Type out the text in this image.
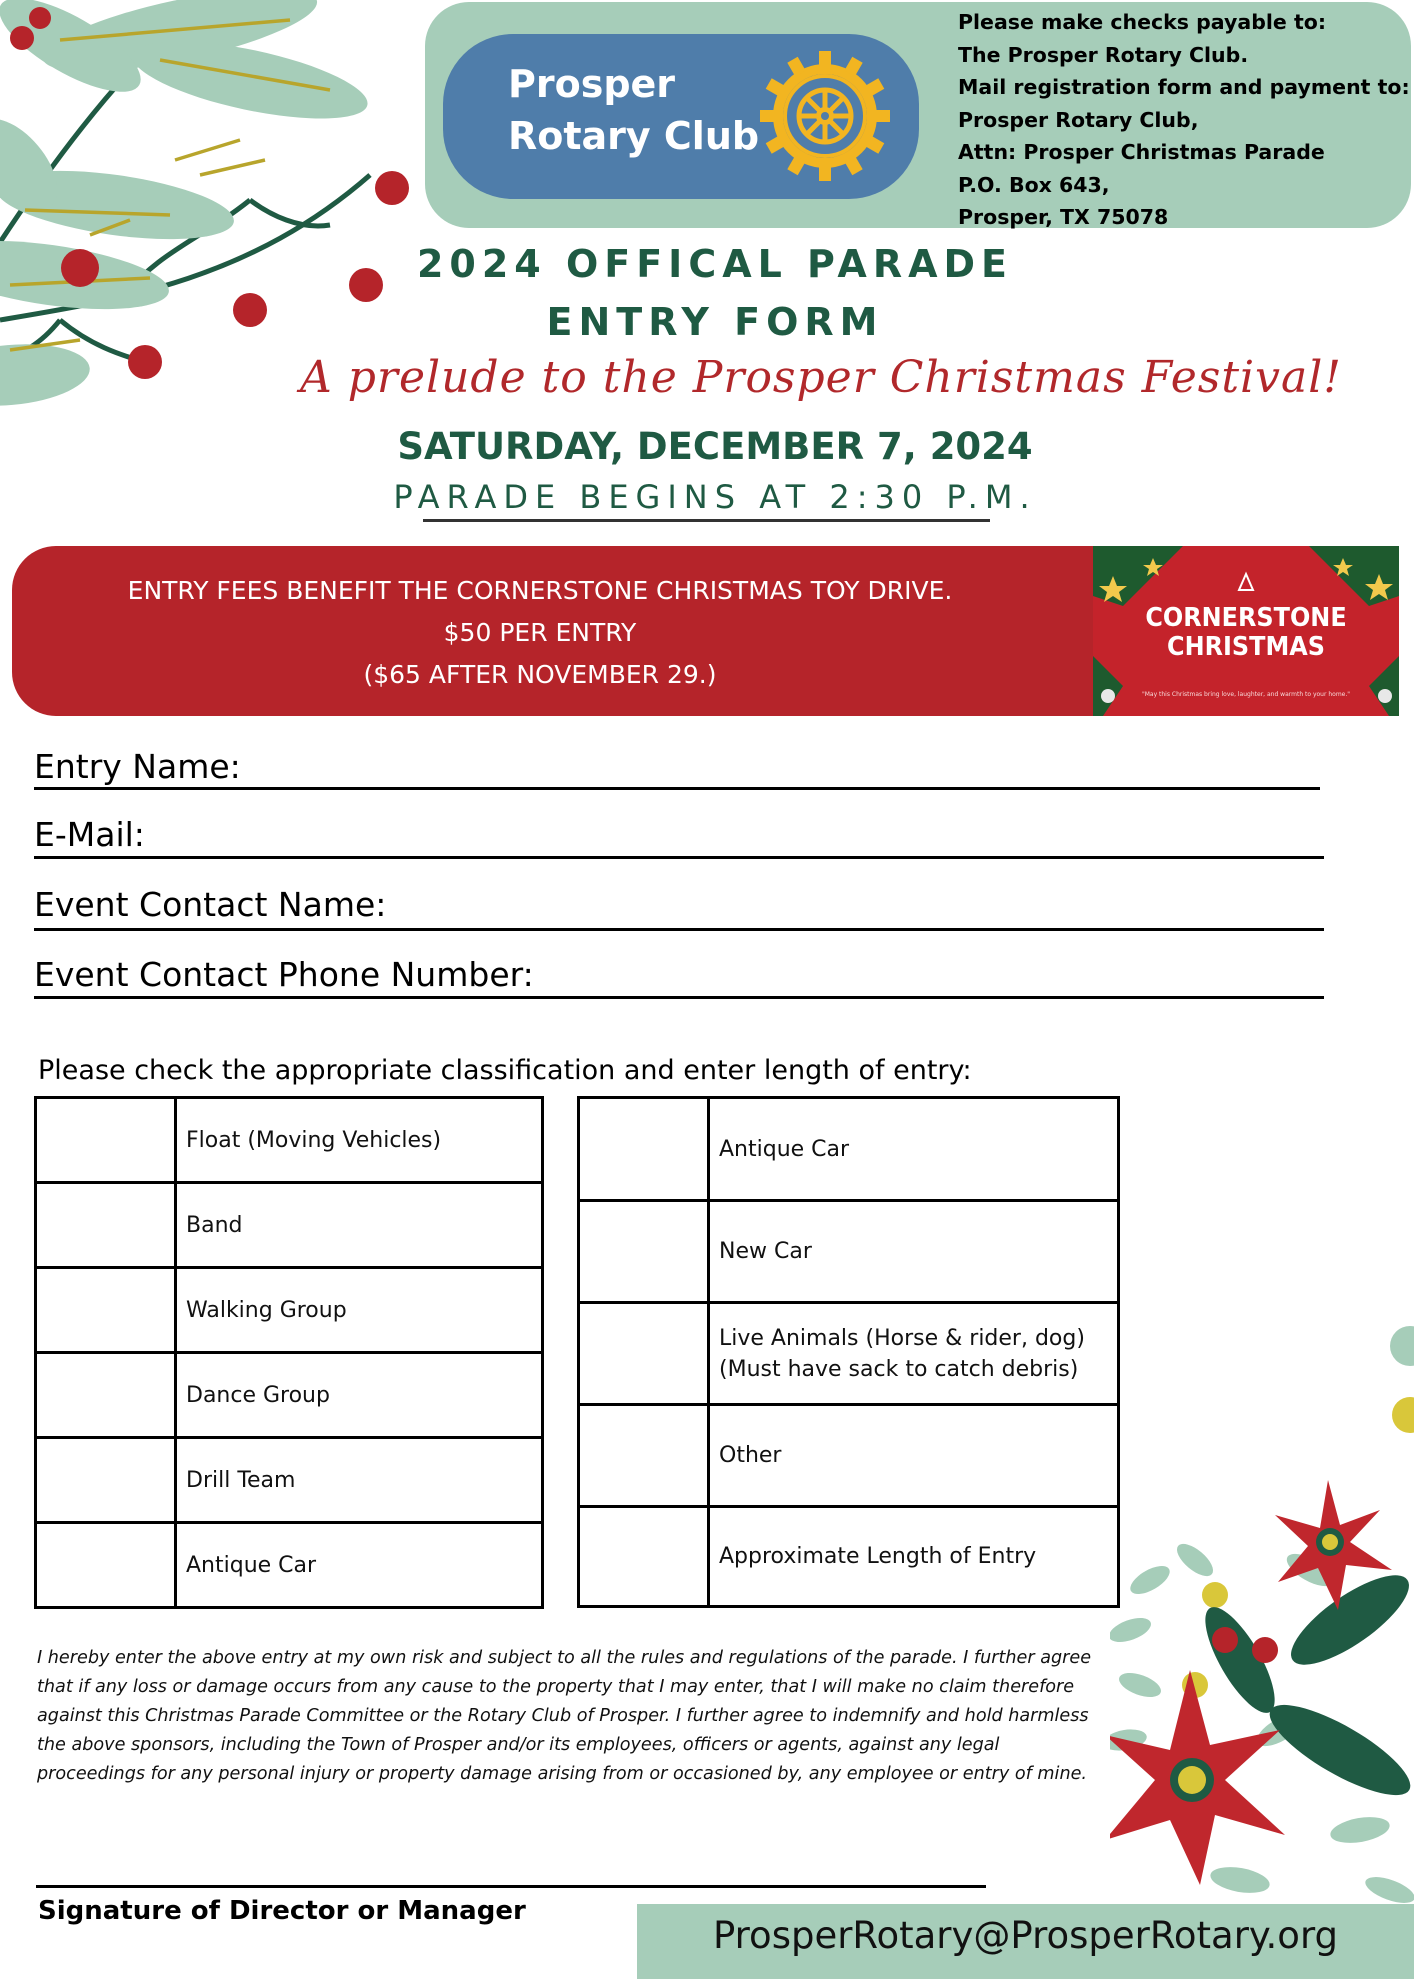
Prosper
Rotary Club
Please make checks payable to:
The Prosper Rotary Club.
Mail registration form and payment to:
Prosper Rotary Club,
Attn: Prosper Christmas Parade
P.O. Box 643,
Prosper, TX 75078
2024 OFFICAL PARADE
ENTRY FORM
A prelude to the Prosper Christmas Festival!
SATURDAY, DECEMBER 7, 2024
PARADE BEGINS AT 2:30 P.M.
ENTRY FEES BENEFIT THE CORNERSTONE CHRISTMAS TOY DRIVE.
$50 PER ENTRY
($65 AFTER NOVEMBER 29.)
CORNERSTONE
CHRISTMAS
"May this Christmas bring love, laughter, and warmth to your home."
Entry Name:
E-Mail:
Event Contact Name:
Event Contact Phone Number:
Please check the appropriate classification and enter length of entry:
	Float (Moving Vehicles)
	Band
	Walking Group
	Dance Group
	Drill Team
	Antique Car
	Antique Car
	New Car
	Live Animals (Horse & rider, dog)
(Must have sack to catch debris)
	Other
	Approximate Length of Entry
I hereby enter the above entry at my own risk and subject to all the rules and regulations of the parade. I further agree that if any loss or damage occurs from any cause to the property that I may enter, that I will make no claim therefore against this Christmas Parade Committee or the Rotary Club of Prosper. I further agree to indemnify and hold harmless the above sponsors, including the Town of Prosper and/or its employees, officers or agents, against any legal proceedings for any personal injury or property damage arising from or occasioned by, any employee or entry of mine.
Signature of Director or Manager
ProsperRotary@ProsperRotary.org
